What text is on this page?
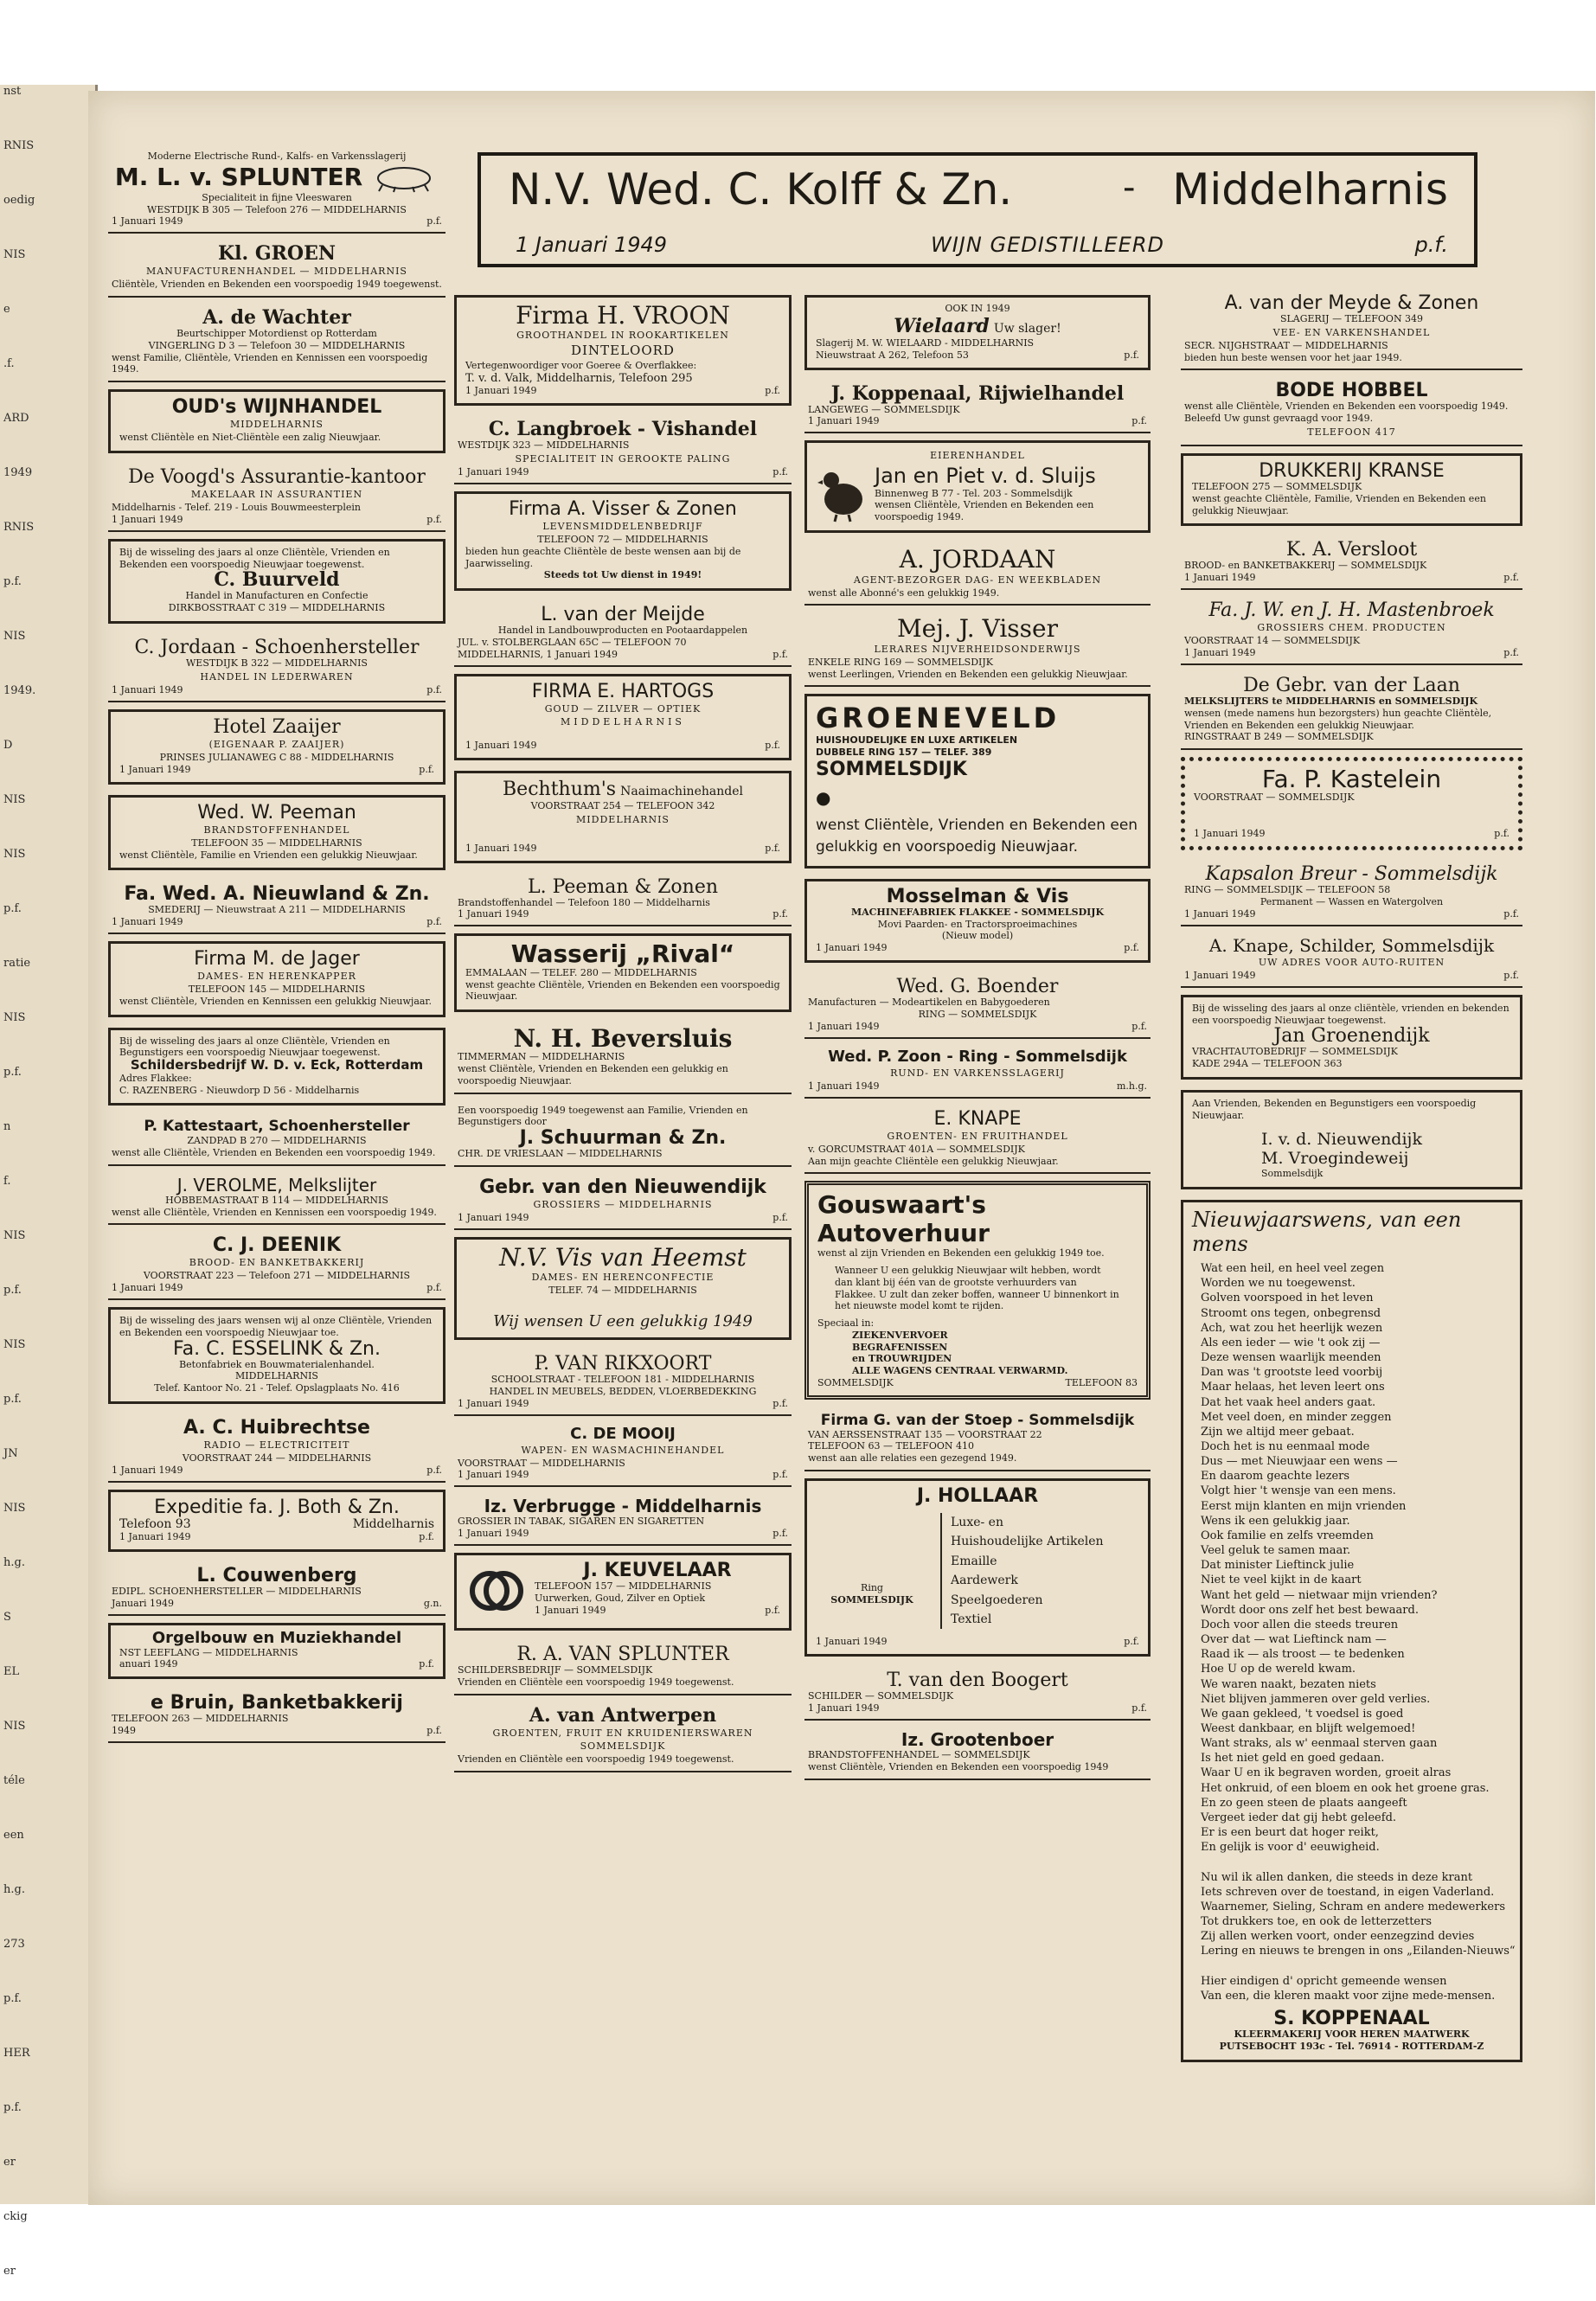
nst
RNIS
oedig
NIS
e
.f.
ARD
1949
RNIS
p.f.
NIS
1949.
D
NIS
NIS
p.f.
ratie
NIS
p.f.
n
f.
NIS
p.f.
NIS
p.f.
JN
NIS
h.g.
S
EL
NIS
téle
een
h.g.
273
p.f.
HER
p.f.
er
ckig
er
N.V. Wed. C. Kolff & Zn.	- Middelharnis
1 Januari 1949	WIJN GEDISTILLEERD	p.f.
Moderne Electrische Rund-, Kalfs- en Varkensslagerij
M. L. v. SPLUNTER
Specialiteit in fijne Vleeswaren
WESTDIJK B 305 — Telefoon 276 — MIDDELHARNIS
1 Januari 1949	p.f.
Kl. GROEN
MANUFACTURENHANDEL — MIDDELHARNIS
Cliëntèle, Vrienden en Bekenden een voorspoedig 1949 toegewenst.
A. de Wachter
Beurtschipper Motordienst op Rotterdam
VINGERLING D 3 — Telefoon 30 — MIDDELHARNIS
wenst Familie, Cliëntèle, Vrienden en Kennissen een voorspoedig 1949.
OUD's WIJNHANDEL
MIDDELHARNIS
wenst Cliëntèle en Niet-Cliëntèle een zalig Nieuwjaar.
De Voogd's Assurantie-kantoor
MAKELAAR IN ASSURANTIEN
Middelharnis - Telef. 219 - Louis Bouwmeesterplein
1 Januari 1949	p.f.
Bij de wisseling des jaars al onze Cliëntèle, Vrienden en Bekenden een voorspoedig Nieuwjaar toegewenst.
C. Buurveld
Handel in Manufacturen en Confectie
DIRKBOSSTRAAT C 319 — MIDDELHARNIS
C. Jordaan - Schoenhersteller
WESTDIJK B 322 — MIDDELHARNIS
HANDEL IN LEDERWAREN
1 Januari 1949	p.f.
Hotel Zaaijer
(EIGENAAR P. ZAAIJER)
PRINSES JULIANAWEG C 88 - MIDDELHARNIS
1 Januari 1949	p.f.
Wed. W. Peeman
BRANDSTOFFENHANDEL
TELEFOON 35 — MIDDELHARNIS
wenst Cliëntèle, Familie en Vrienden een gelukkig Nieuwjaar.
Fa. Wed. A. Nieuwland & Zn.
SMEDERIJ — Nieuwstraat A 211 — MIDDELHARNIS
1 Januari 1949	p.f.
Firma M. de Jager
DAMES- EN HERENKAPPER
TELEFOON 145 — MIDDELHARNIS
wenst Cliëntèle, Vrienden en Kennissen een gelukkig Nieuwjaar.
Bij de wisseling des jaars al onze Cliëntèle, Vrienden en Begunstigers een voorspoedig Nieuwjaar toegewenst.
Schildersbedrijf W. D. v. Eck, Rotterdam
Adres Flakkee:
C. RAZENBERG - Nieuwdorp D 56 - Middelharnis
P. Kattestaart, Schoenhersteller
ZANDPAD B 270 — MIDDELHARNIS
wenst alle Cliëntèle, Vrienden en Bekenden een voorspoedig 1949.
J. VEROLME, Melkslijter
HOBBEMASTRAAT B 114 — MIDDELHARNIS
wenst alle Cliëntèle, Vrienden en Kennissen een voorspoedig 1949.
C. J. DEENIK
BROOD- EN BANKETBAKKERIJ
VOORSTRAAT 223 — Telefoon 271 — MIDDELHARNIS
1 Januari 1949	p.f.
Bij de wisseling des jaars wensen wij al onze Cliëntèle, Vrienden en Bekenden een voorspoedig Nieuwjaar toe.
Fa. C. ESSELINK & Zn.
Betonfabriek en Bouwmaterialenhandel.
MIDDELHARNIS
Telef. Kantoor No. 21 - Telef. Opslagplaats No. 416
A. C. Huibrechtse
RADIO — ELECTRICITEIT
VOORSTRAAT 244 — MIDDELHARNIS
1 Januari 1949	p.f.
Expeditie fa. J. Both & Zn.
Telefoon 93	Middelharnis
1 Januari 1949	p.f.
L. Couwenberg
EDIPL. SCHOENHERSTELLER — MIDDELHARNIS
Januari 1949	g.n.
Orgelbouw en Muziekhandel
NST LEEFLANG — MIDDELHARNIS
anuari 1949	p.f.
e Bruin, Banketbakkerij
TELEFOON 263 — MIDDELHARNIS
1949	p.f.
Firma H. VROON
GROOTHANDEL IN ROOKARTIKELEN
DINTELOORD
Vertegenwoordiger voor Goeree & Overflakkee:
T. v. d. Valk, Middelharnis, Telefoon 295
1 Januari 1949	p.f.
C. Langbroek - Vishandel
WESTDIJK 323 — MIDDELHARNIS
SPECIALITEIT IN GEROOKTE PALING
1 Januari 1949	p.f.
Firma A. Visser & Zonen
LEVENSMIDDELENBEDRIJF
TELEFOON 72 — MIDDELHARNIS
bieden hun geachte Cliëntèle de beste wensen aan bij de Jaarwisseling.
Steeds tot Uw dienst in 1949!
L. van der Meijde
Handel in Landbouwproducten en Pootaardappelen
JUL. v. STOLBERGLAAN 65C — TELEFOON 70
MIDDELHARNIS, 1 Januari 1949	p.f.
FIRMA E. HARTOGS
GOUD — ZILVER — OPTIEK
MIDDELHARNIS
1 Januari 1949	p.f.
Bechthum's Naaimachinehandel
VOORSTRAAT 254 — TELEFOON 342
MIDDELHARNIS
1 Januari 1949	p.f.
L. Peeman & Zonen
Brandstoffenhandel — Telefoon 180 — Middelharnis
1 Januari 1949	p.f.
Wasserij „Rival“
EMMALAAN — TELEF. 280 — MIDDELHARNIS
wenst geachte Cliëntèle, Vrienden en Bekenden een voorspoedig Nieuwjaar.
N. H. Beversluis
TIMMERMAN — MIDDELHARNIS
wenst Cliëntèle, Vrienden en Bekenden een gelukkig en voorspoedig Nieuwjaar.
Een voorspoedig 1949 toegewenst aan Familie, Vrienden en Begunstigers door
J. Schuurman & Zn.
CHR. DE VRIESLAAN — MIDDELHARNIS
Gebr. van den Nieuwendijk
GROSSIERS — MIDDELHARNIS
1 Januari 1949	p.f.
N.V. Vis van Heemst
DAMES- EN HERENCONFECTIE
TELEF. 74 — MIDDELHARNIS
Wij wensen U een gelukkig 1949
P. VAN RIKXOORT
SCHOOLSTRAAT - TELEFOON 181 - MIDDELHARNIS
HANDEL IN MEUBELS, BEDDEN, VLOERBEDEKKING
1 Januari 1949	p.f.
C. DE MOOIJ
WAPEN- EN WASMACHINEHANDEL
VOORSTRAAT — MIDDELHARNIS
1 Januari 1949	p.f.
Iz. Verbrugge - Middelharnis
GROSSIER IN TABAK, SIGAREN EN SIGARETTEN
1 Januari 1949	p.f.
J. KEUVELAAR
TELEFOON 157 — MIDDELHARNIS
Uurwerken, Goud, Zilver en Optiek
1 Januari 1949	p.f.
R. A. VAN SPLUNTER
SCHILDERSBEDRIJF — SOMMELSDIJK
Vrienden en Cliëntèle een voorspoedig 1949 toegewenst.
A. van Antwerpen
GROENTEN, FRUIT EN KRUIDENIERSWAREN
SOMMELSDIJK
Vrienden en Cliëntèle een voorspoedig 1949 toegewenst.
OOK IN 1949
Wielaard Uw slager!
Slagerij M. W. WIELAARD - MIDDELHARNIS
Nieuwstraat A 262, Telefoon 53	p.f.
J. Koppenaal, Rijwielhandel
LANGEWEG — SOMMELSDIJK
1 Januari 1949	p.f.
EIERENHANDEL
Jan en Piet v. d. Sluijs
Binnenweg B 77 - Tel. 203 - Sommelsdijk
wensen Cliëntèle, Vrienden en Bekenden een voorspoedig 1949.
A. JORDAAN
AGENT-BEZORGER DAG- EN WEEKBLADEN
wenst alle Abonné's een gelukkig 1949.
Mej. J. Visser
LERARES NIJVERHEIDSONDERWIJS
ENKELE RING 169 — SOMMELSDIJK
wenst Leerlingen, Vrienden en Bekenden een gelukkig Nieuwjaar.
GROENEVELD
HUISHOUDELIJKE EN LUXE ARTIKELEN
DUBBELE RING 157 — TELEF. 389
SOMMELSDIJK
●
wenst Cliëntèle, Vrienden en Bekenden een gelukkig en voorspoedig Nieuwjaar.
Mosselman & Vis
MACHINEFABRIEK FLAKKEE - SOMMELSDIJK
Movi Paarden- en Tractorsproeimachines
(Nieuw model)
1 Januari 1949	p.f.
Wed. G. Boender
Manufacturen — Modeartikelen en Babygoederen
RING — SOMMELSDIJK
1 Januari 1949	p.f.
Wed. P. Zoon - Ring - Sommelsdijk
RUND- EN VARKENSSLAGERIJ
1 Januari 1949	m.h.g.
E. KNAPE
GROENTEN- EN FRUITHANDEL
v. GORCUMSTRAAT 401A — SOMMELSDIJK
Aan mijn geachte Cliëntèle een gelukkig Nieuwjaar.
Gouswaart's
Autoverhuur
wenst al zijn Vrienden en Bekenden een gelukkig 1949 toe.
Wanneer U een gelukkig Nieuwjaar wilt hebben, wordt dan klant bij één van de grootste verhuurders van Flakkee. U zult dan zeker boffen, wanneer U binnenkort in het nieuwste model komt te rijden.
Speciaal in:
ZIEKENVERVOER
BEGRAFENISSEN
en TROUWRIJDEN
ALLE WAGENS CENTRAAL VERWARMD.
SOMMELSDIJK	TELEFOON 83
Firma G. van der Stoep - Sommelsdijk
VAN AERSSENSTRAAT 135 — VOORSTRAAT 22
TELEFOON 63 — TELEFOON 410
wenst aan alle relaties een gezegend 1949.
J. HOLLAAR
Ring
SOMMELSDIJK
Luxe- en
Huishoudelijke Artikelen
Emaille
Aardewerk
Speelgoederen
Textiel
1 Januari 1949	p.f.
T. van den Boogert
SCHILDER — SOMMELSDIJK
1 Januari 1949	p.f.
Iz. Grootenboer
BRANDSTOFFENHANDEL — SOMMELSDIJK
wenst Cliëntèle, Vrienden en Bekenden een voorspoedig 1949
A. van der Meyde & Zonen
SLAGERIJ — TELEFOON 349
VEE- EN VARKENSHANDEL
SECR. NIJGHSTRAAT — MIDDELHARNIS
bieden hun beste wensen voor het jaar 1949.
BODE HOBBEL
wenst alle Cliëntèle, Vrienden en Bekenden een voorspoedig 1949.
Beleefd Uw gunst gevraagd voor 1949.
TELEFOON 417
DRUKKERIJ KRANSE
TELEFOON 275 — SOMMELSDIJK
wenst geachte Cliëntèle, Familie, Vrienden en Bekenden een gelukkig Nieuwjaar.
K. A. Versloot
BROOD- en BANKETBAKKERIJ — SOMMELSDIJK
1 Januari 1949	p.f.
Fa. J. W. en J. H. Mastenbroek
GROSSIERS CHEM. PRODUCTEN
VOORSTRAAT 14 — SOMMELSDIJK
1 Januari 1949	p.f.
De Gebr. van der Laan
MELKSLIJTERS te MIDDELHARNIS en SOMMELSDIJK
wensen (mede namens hun bezorgsters) hun geachte Cliëntèle, Vrienden en Bekenden een gelukkig Nieuwjaar.
RINGSTRAAT B 249 — SOMMELSDIJK
Fa. P. Kastelein
VOORSTRAAT — SOMMELSDIJK
1 Januari 1949	p.f.
Kapsalon Breur - Sommelsdijk
RING — SOMMELSDIJK — TELEFOON 58
Permanent — Wassen en Watergolven
1 Januari 1949	p.f.
A. Knape, Schilder, Sommelsdijk
UW ADRES VOOR AUTO-RUITEN
1 Januari 1949	p.f.
Bij de wisseling des jaars al onze cliëntèle, vrienden en bekenden een voorspoedig Nieuwjaar toegewenst.
Jan Groenendijk
VRACHTAUTOBEDRIJF — SOMMELSDIJK
KADE 294A — TELEFOON 363
Aan Vrienden, Bekenden en Begunstigers een voorspoedig Nieuwjaar.
I. v. d. Nieuwendijk
M. Vroegindeweij
Sommelsdijk
Nieuwjaarswens, van een mens
Wat een heil, en heel veel zegen
Worden we nu toegewenst.
Golven voorspoed in het leven
Stroomt ons tegen, onbegrensd
Ach, wat zou het heerlijk wezen
Als een ieder — wie 't ook zij —
Deze wensen waarlijk meenden
Dan was 't grootste leed voorbij
Maar helaas, het leven leert ons
Dat het vaak heel anders gaat.
Met veel doen, en minder zeggen
Zijn we altijd meer gebaat.
Doch het is nu eenmaal mode
Dus — met Nieuwjaar een wens —
En daarom geachte lezers
Volgt hier 't wensje van een mens.
Eerst mijn klanten en mijn vrienden
Wens ik een gelukkig jaar.
Ook familie en zelfs vreemden
Veel geluk te samen maar.
Dat minister Lieftinck julie
Niet te veel kijkt in de kaart
Want het geld — nietwaar mijn vrienden?
Wordt door ons zelf het best bewaard.
Doch voor allen die steeds treuren
Over dat — wat Lieftinck nam —
Raad ik — als troost — te bedenken
Hoe U op de wereld kwam.
We waren naakt, bezaten niets
Niet blijven jammeren over geld verlies.
We gaan gekleed, 't voedsel is goed
Weest dankbaar, en blijft welgemoed!
Want straks, als w' eenmaal sterven gaan
Is het niet geld en goed gedaan.
Waar U en ik begraven worden, groeit alras
Het onkruid, of een bloem en ook het groene gras.
En zo geen steen de plaats aangeeft
Vergeet ieder dat gij hebt geleefd.
Er is een beurt dat hoger reikt,
En gelijk is voor d' eeuwigheid.

Nu wil ik allen danken, die steeds in deze krant
Iets schreven over de toestand, in eigen Vaderland.
Waarnemer, Sieling, Schram en andere medewerkers
Tot drukkers toe, en ook de letterzetters
Zij allen werken voort, onder eenzegzind devies
Lering en nieuws te brengen in ons „Eilanden-Nieuws“

Hier eindigen d' opricht gemeende wensen
Van een, die kleren maakt voor zijne mede-mensen.
S. KOPPENAAL
KLEERMAKERIJ VOOR HEREN MAATWERK
PUTSEBOCHT 193c - Tel. 76914 - ROTTERDAM-Z
